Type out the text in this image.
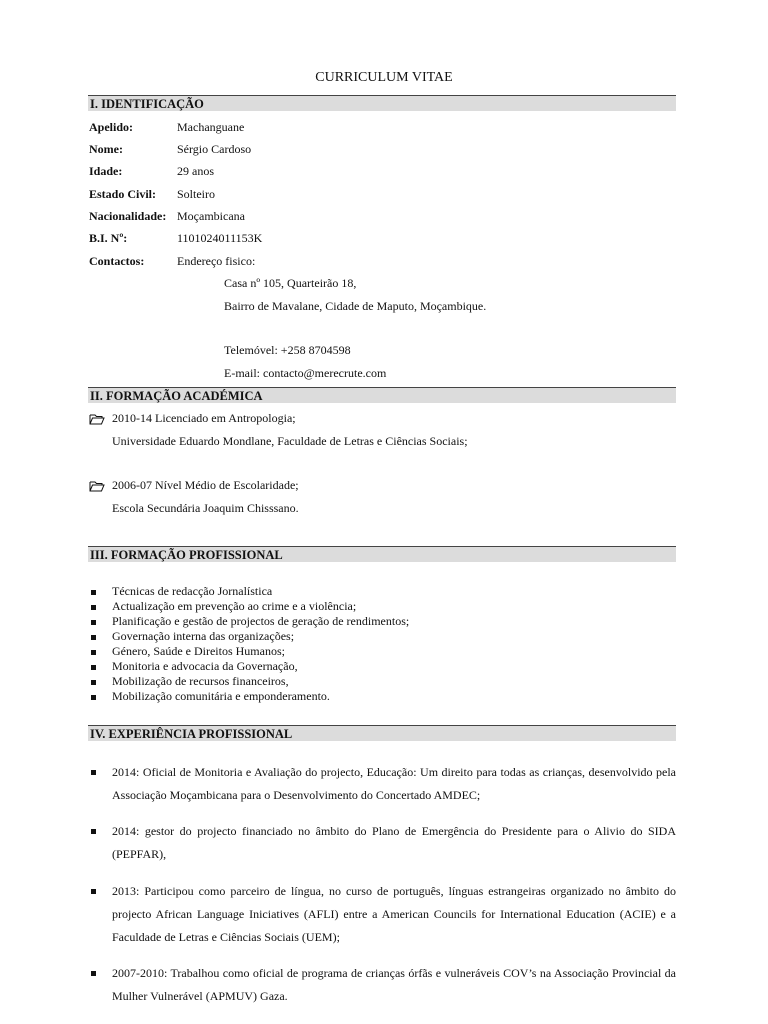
CURRICULUM VITAE
I. IDENTIFICAÇÃO
Apelido:	Machanguane
Nome:	Sérgio Cardoso
Idade:	29 anos
Estado Civil: Solteiro
Nacionalidade: Moçambicana
B.I. Nº:	1101024011153K
Contactos:	Endereço fisico:
Casa nº 105, Quarteirão 18,
Bairro de Mavalane, Cidade de Maputo, Moçambique.
Telemóvel: +258 8704598
E-mail: contacto@merecrute.com
II. FORMAÇÃO ACADÉMICA
2010-14 Licenciado em Antropologia;
Universidade Eduardo Mondlane, Faculdade de Letras e Ciências Sociais;
2006-07 Nível Médio de Escolaridade;
Escola Secundária Joaquim Chisssano.
III. FORMAÇÃO PROFISSIONAL
Técnicas de redacção Jornalística
Actualização em prevenção ao crime e a violência;
Planificação e gestão de projectos de geração de rendimentos;
Governação interna das organizações;
Género, Saúde e Direitos Humanos;
Monitoria e advocacia da Governação,
Mobilização de recursos financeiros,
Mobilização comunitária e emponderamento.
IV. EXPERIÊNCIA PROFISSIONAL
2014: Oficial de Monitoria e Avaliação do projecto, Educação: Um direito para todas as crianças, desenvolvido pela Associação Moçambicana para o Desenvolvimento do Concertado AMDEC;
2014: gestor do projecto financiado no âmbito do Plano de Emergência do Presidente para o Alivio do SIDA (PEPFAR),
2013: Participou como parceiro de língua, no curso de português, línguas estrangeiras organizado no âmbito do projecto African Language Iniciatives (AFLI) entre a American Councils for International Education (ACIE) e a Faculdade de Letras e Ciências Sociais (UEM);
2007-2010: Trabalhou como oficial de programa de crianças órfãs e vulneráveis COV’s na Associação Provincial da Mulher Vulnerável (APMUV) Gaza.
